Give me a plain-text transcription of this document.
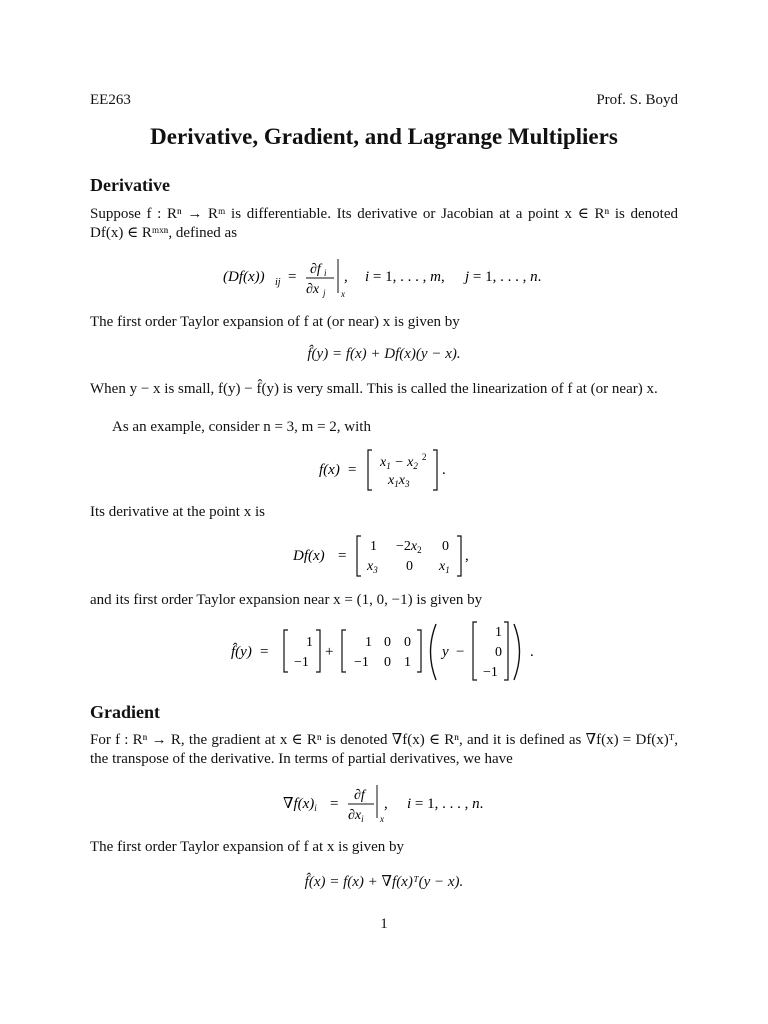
EE263	Prof. S. Boyd
Derivative, Gradient, and Lagrange Multipliers
Derivative
Suppose f : Rⁿ → Rᵐ is differentiable. Its derivative or Jacobian at a point x ∈ Rⁿ is denoted Df(x) ∈ Rᵐˣⁿ, defined as
(Df(x)) ij = ∂f i
∂x j x
, i = 1, . . . , m, j = 1, . . . , n.
The first order Taylor expansion of f at (or near) x is given by
f̂(y) = f(x) + Df(x)(y − x).
When y − x is small, f(y) − f̂(y) is very small. This is called the linearization of f at (or near) x.
As an example, consider n = 3, m = 2, with
$f(x) = x_1 - x_2$
2
$x_1x_3$
.
Its derivative at the point x is
Df(x) =
$1 -2x_2$ 0
$x_3$ 0 $x_1$
,
and its first order Taylor expansion near x = (1, 0, −1) is given by
f̂(y) =
1
−1
+
1 0 0
−1 0 1
y −
1
0
−1
.
Gradient
For f : Rⁿ → R, the gradient at x ∈ Rⁿ is denoted ∇f(x) ∈ Rⁿ, and it is defined as ∇f(x) = Df(x)ᵀ, the transpose of the derivative. In terms of partial derivatives, we have
$\nabla f(x)_i$ =
∂f
$\partial x_i$ x
, i = 1, . . . , n.
The first order Taylor expansion of f at x is given by
f̂(x) = f(x) + ∇f(x)ᵀ(y − x).
1
